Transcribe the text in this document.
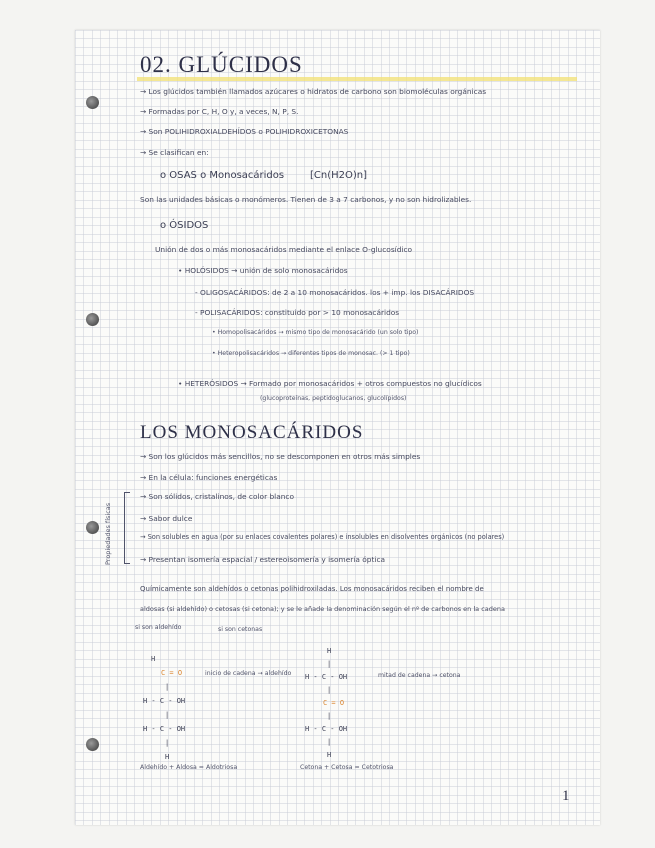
02. GLÚCIDOS
→ Los glúcidos también llamados azúcares o hidratos de carbono son biomoléculas orgánicas
→ Formadas por C, H, O y, a veces, N, P, S.
→ Son POLIHIDROXIALDEHÍDOS o POLIHIDROXICETONAS
→ Se clasifican en:
o OSAS o Monosacáridos	[Cn(H2O)n]
Son las unidades básicas o monómeros. Tienen de 3 a 7 carbonos, y no son hidrolizables.
o ÓSIDOS
Unión de dos o más monosacáridos mediante el enlace O-glucosídico
• HOLÓSIDOS → unión de solo monosacáridos
- OLIGOSACÁRIDOS: de 2 a 10 monosacáridos. los + imp. los DISACÁRIDOS
- POLISACÁRIDOS: constituido por > 10 monosacáridos
• Homopolisacáridos → mismo tipo de monosacárido (un solo tipo)
• Heteropolisacáridos → diferentes tipos de monosac. (> 1 tipo)
• HETERÓSIDOS → Formado por monosacáridos + otros compuestos no glucídicos
(glucoproteínas, peptidoglucanos, glucolípidos)
LOS MONOSACÁRIDOS
→ Son los glúcidos más sencillos, no se descomponen en otros más simples
→ En la célula: funciones energéticas
→ Son sólidos, cristalinos, de color blanco
→ Sabor dulce
→ Son solubles en agua (por su enlaces covalentes polares) e insolubles en disolventes orgánicos (no polares)
→ Presentan isomería espacial / estereoisomería y isomería óptica
Propiedades físicas
Químicamente son aldehídos o cetonas polihidroxiladas. Los monosacáridos reciben el nombre de
aldosas (si aldehído) o cetosas (si cetona); y se le añade la denominación según el nº de carbonos en la cadena
si son aldehído	si son cetonas
H
C = O
|
H - C - OH
|
H - C - OH
|
H
inicio de cadena → aldehído
H
|
H - C - OH
|
C = O
|
H - C - OH
|
H
mitad de cadena → cetona
Aldehído + Aldosa = Aldotriosa	Cetona + Cetosa = Cetotriosa
1
